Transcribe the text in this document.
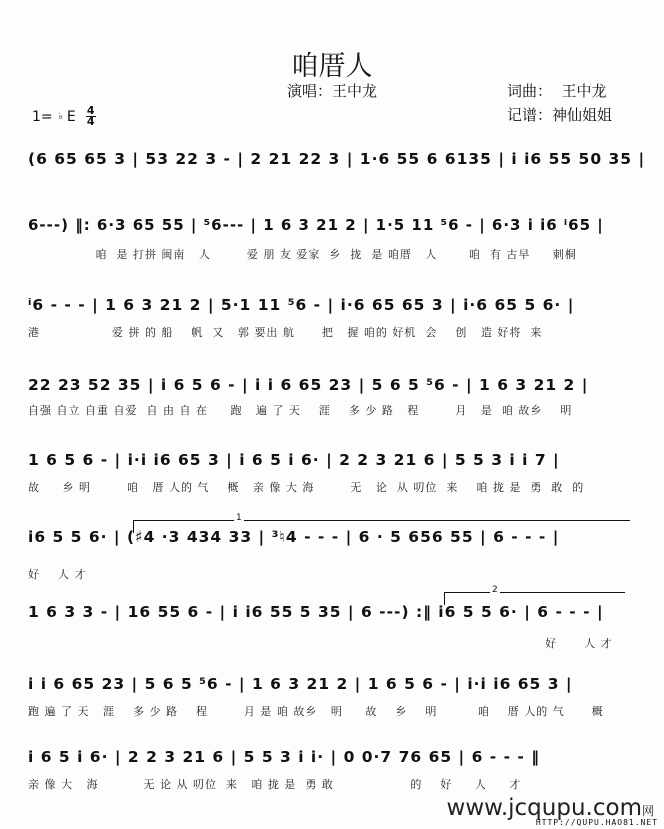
咱厝人
演唱：王中龙	词曲：  王中龙
记谱：神仙姐姐
1= ♭ E 4
4
(6 65 65 3 | 53 22 3 - | 2 21 22 3 | 1·6 55 6 6135 | i i6 55 50 35 |
6---) ‖: 6·3 65 55 | ⁵6--- | 1 6 3 21 2 | 1·5 11 ⁵6 - | 6·3 i i6 ⁱ65 |
咱  是 打拼 闽南   人        爱 朋 友 爱家  乡  拢  是 咱厝   人       咱  有 古早     刺桐
ⁱ6 - - - | 1 6 3 21 2 | 5·1 11 ⁵6 - | i·6 65 65 3 | i·6 65 5 6· |
港                爱 拼 的 船    帆  又   郭 要出 航      把   握 咱的 好机  会    创   造 好将  来
22 23 52 35 | i 6 5 6 - | i i 6 65 23 | 5 6 5 ⁵6 - | 1 6 3 21 2 |
自强 自立 自重 自爱  自 由 自 在     跑   遍 了 天    涯    多 少 路   程        月   是  咱 故乡    明
1 6 5 6 - | i·i i6 65 3 | i 6 5 i 6· | 2 2 3 21 6 | 5 5 3 i i 7 |
故     乡 明        咱   厝 人的 气    概   亲 像 大 海        无   论  从 叨位  来    咱 拢 是  勇  敢  的
1
i6 5 5 6· | (♯4 ·3 434 33 | ³♮4 - - - | 6 · 5 656 55 | 6 - - - |
好    人 才
2
1 6 3 3 - | 16 55 6 - | i i6 55 5 35 | 6 ---) :‖ i6 5 5 6· | 6 - - - |
好      人 才
i i 6 65 23 | 5 6 5 ⁵6 - | 1 6 3 21 2 | 1 6 5 6 - | i·i i6 65 3 |
跑 遍 了 天   涯    多 少 路    程        月 是 咱 故乡   明     故    乡    明         咱    厝 人的 气      概
i 6 5 i 6· | 2 2 3 21 6 | 5 5 3 i i· | 0 0·7 76 65 | 6 - - - ‖
亲 像 大   海          无 论 从 叨位  来   咱 拢 是  勇 敢                 的    好     人     才
www.jcqupu.com网
HTTP://QUPU.HAO81.NET
